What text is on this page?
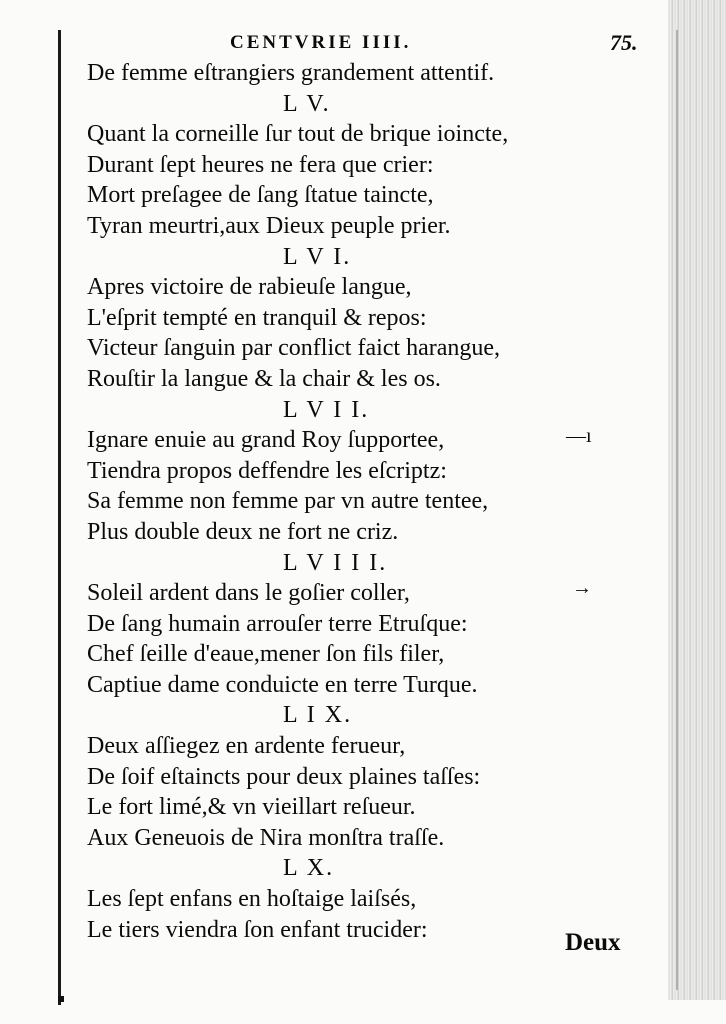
CENTVRIE IIII.	75.
De femme eſtrangiers grandement attentif.
L V.
Quant la corneille ſur tout de brique ioincte,
Durant ſept heures ne fera que crier:
Mort preſagee de ſang ſtatue taincte,
Tyran meurtri,aux Dieux peuple prier.
L V I.
Apres victoire de rabieuſe langue,
L'eſprit tempté en tranquil & repos:
Victeur ſanguin par conflict faict harangue,
Rouſtir la langue & la chair & les os.
L V I I.
Ignare enuie au grand Roy ſupportee,
Tiendra propos deffendre les eſcriptz:
Sa femme non femme par vn autre tentee,
Plus double deux ne fort ne criz.
L V I I I.
Soleil ardent dans le goſier coller,
De ſang humain arrouſer terre Etruſque:
Chef ſeille d'eaue,mener ſon fils filer,
Captiue dame conduicte en terre Turque.
L I X.
Deux aſſiegez en ardente ferueur,
De ſoif eſtaincts pour deux plaines taſſes:
Le fort limé,& vn vieillart reſueur.
Aux Geneuois de Nira monſtra traſſe.
L X.
Les ſept enfans en hoſtaige laiſsés,
Le tiers viendra ſon enfant trucider:
—ı
→
Deux
